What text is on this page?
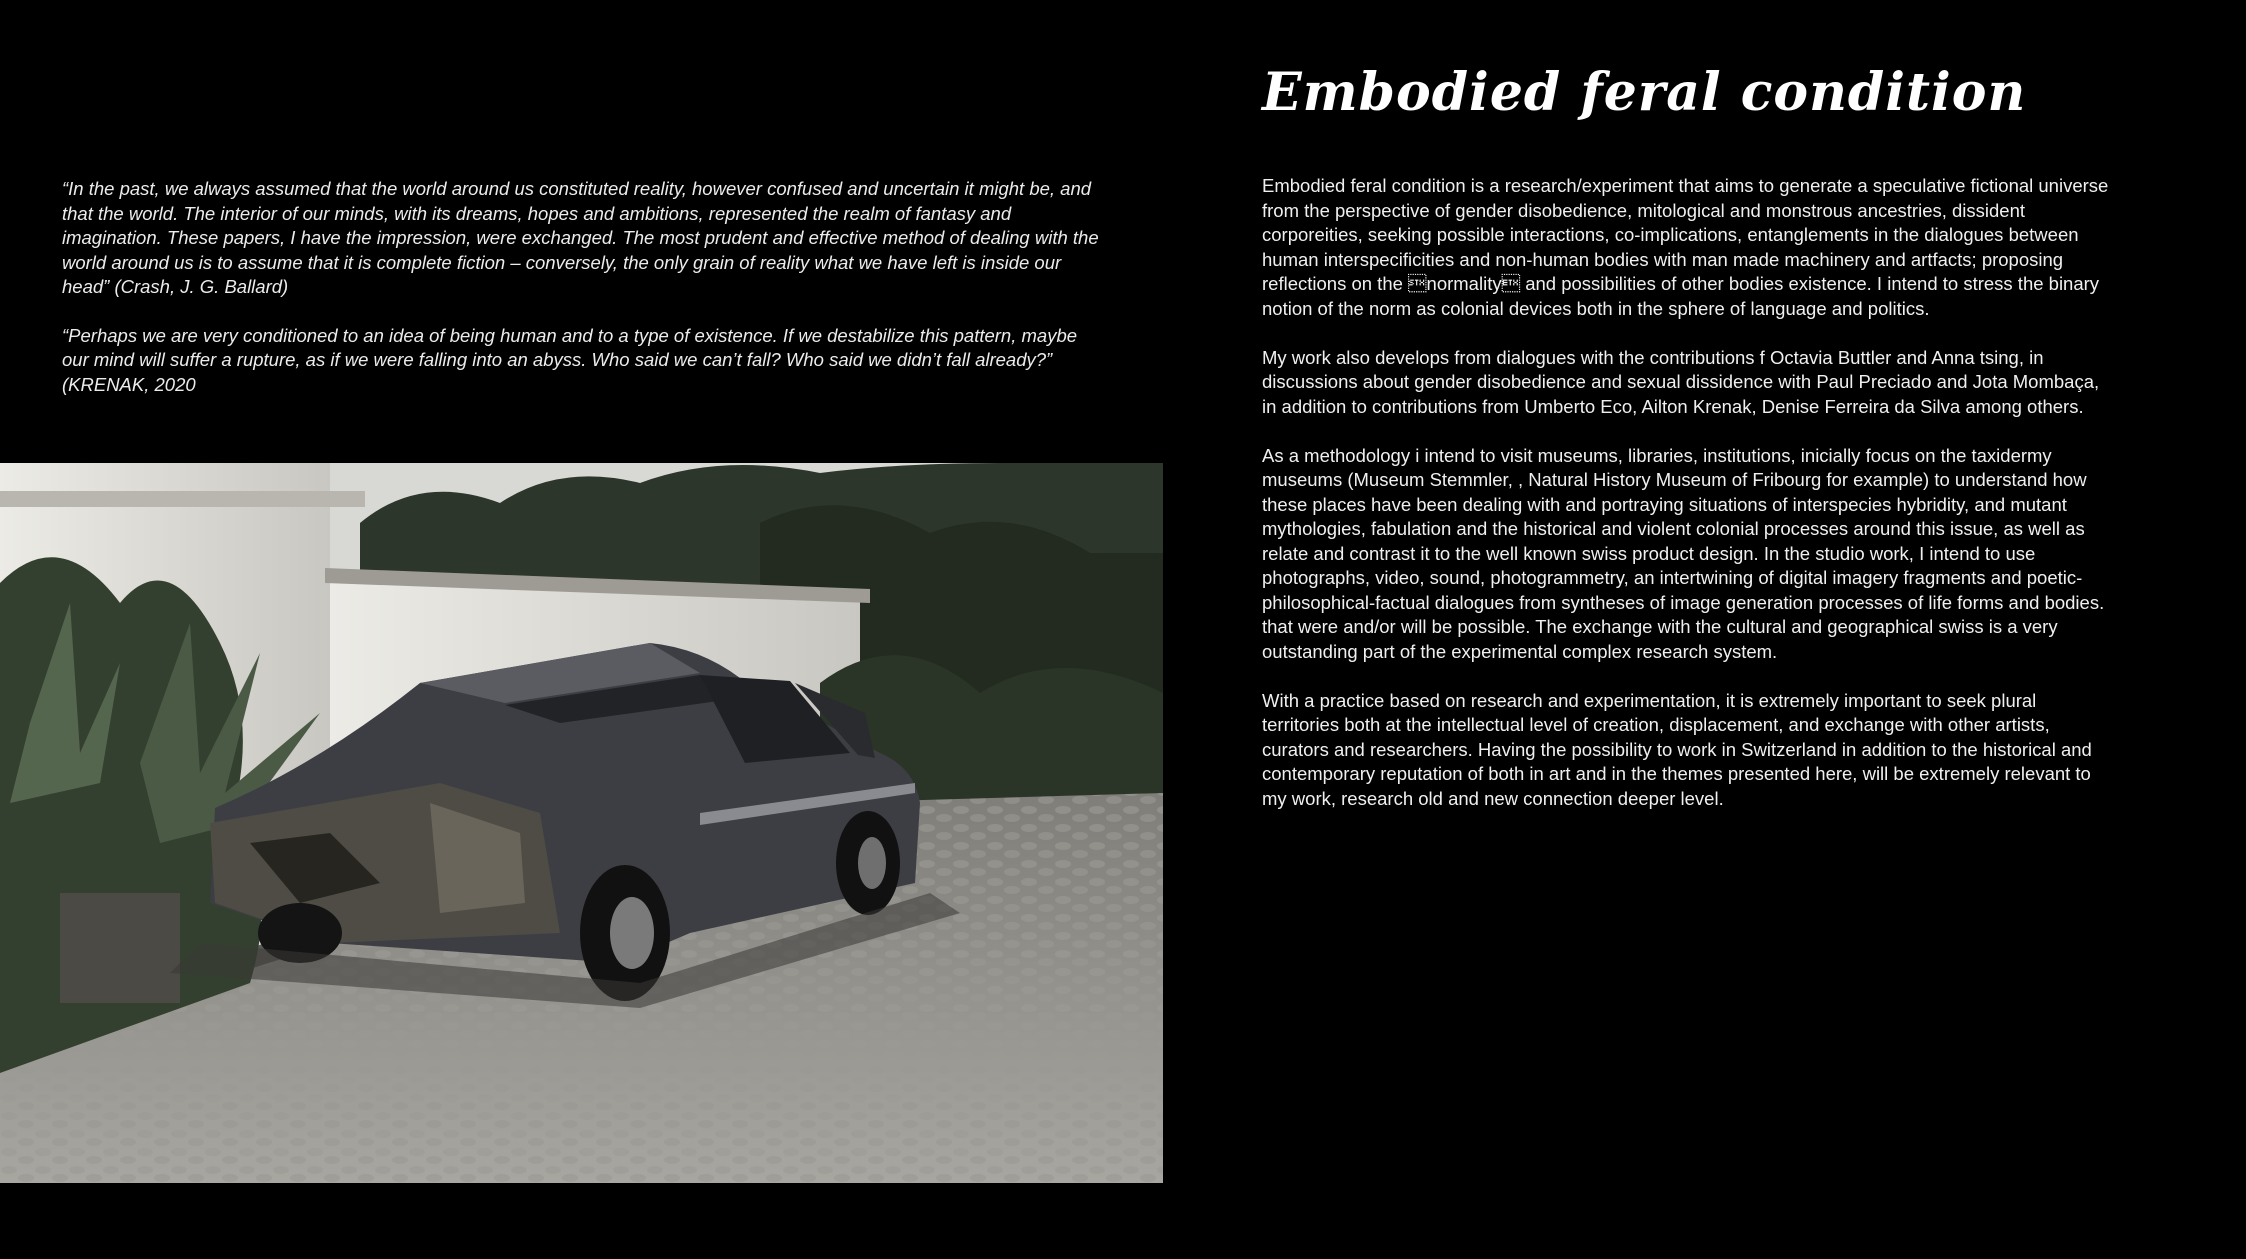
Embodied feral condition

“In the past, we always assumed that the world around us constituted reality, however confused and uncertain it might be, and that the world. The interior of our minds, with its dreams, hopes and ambitions, represented the realm of fantasy and imagination. These papers, I have the impression, were exchanged. The most prudent and effective method of dealing with the world around us is to assume that it is complete fiction – conversely, the only grain of reality what we have left is inside our head” (Crash, J. G. Ballard)

“Perhaps we are very conditioned to an idea of being human and to a type of existence. If we destabilize this pattern, maybe our mind will suffer a rupture, as if we were falling into an abyss. Who said we can’t fall? Who said we didn’t fall already?” (KRENAK, 2020

Embodied feral condition is a research/experiment that aims to generate a speculative fictional universe from the perspective of gender disobedience, mitological and monstrous ancestries, dissident corporeities, seeking possible interactions, co-implications, entanglements in the dialogues between human interspecificities and non-human bodies with man made machinery and artfacts; proposing reflections on the normality and possibilities of other bodies existence. I intend to stress the binary notion of the norm as colonial devices both in the sphere of language and politics.

My work also develops from dialogues with the contributions f Octavia Buttler and Anna tsing, in discussions about gender disobedience and sexual dissidence with Paul Preciado and Jota Mombaça, in addition to contributions from Umberto Eco, Ailton Krenak, Denise Ferreira da Silva among others.

As a methodology i intend to visit museums, libraries, institutions, inicially focus on the taxidermy museums (Museum Stemmler, , Natural History Museum of Fribourg for example) to understand how these places have been dealing with and portraying situations of interspecies hybridity, and mutant mythologies, fabulation and the historical and violent colonial processes around this issue, as well as relate and contrast it to the well known swiss product design. In the studio work, I intend to use photographs, video, sound, photogrammetry, an intertwining of digital imagery fragments and poetic-philosophical-factual dialogues from syntheses of image generation processes of life forms and bodies. that were and/or will be possible. The exchange with the cultural and geographical swiss is a very outstanding part of the experimental complex research system.

With a practice based on research and experimentation, it is extremely important to seek plural territories both at the intellectual level of creation, displacement, and exchange with other artists, curators and researchers. Having the possibility to work in Switzerland in addition to the historical and contemporary reputation of both in art and in the themes presented here, will be extremely relevant to my work, research old and new connection deeper level.
